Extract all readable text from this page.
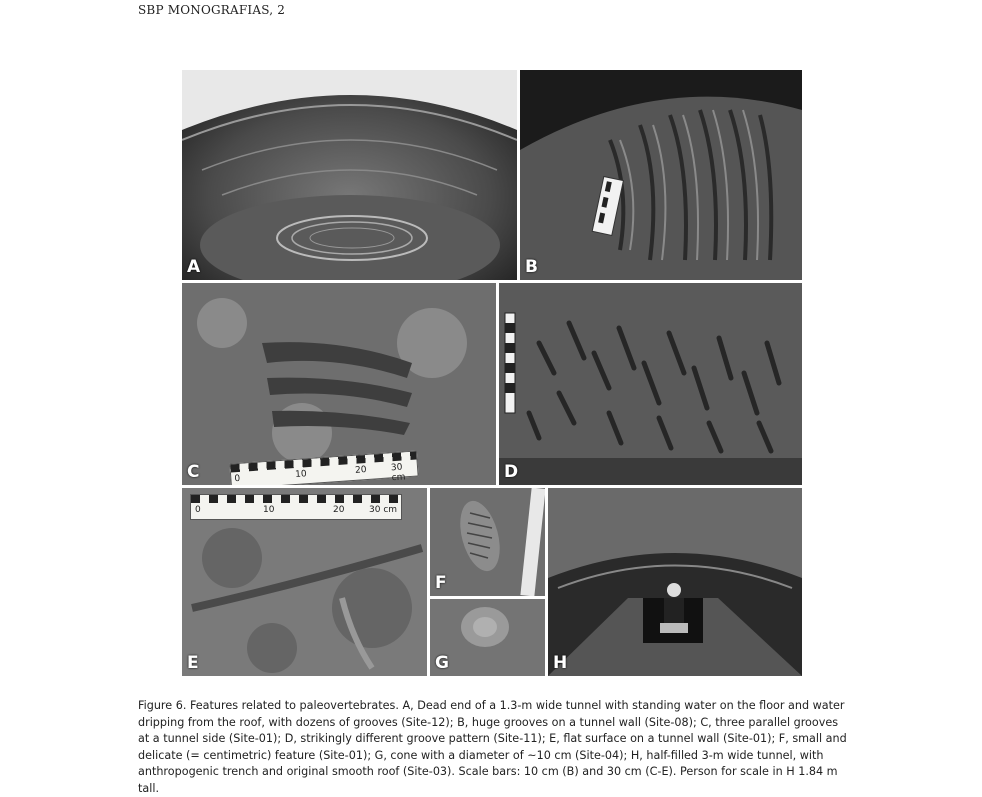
SBP MONOGRAFIAS, 2
A	B
0	10	20	30 cm
C	D
0	10	20	30 cm
E
F
G	H
Figure 6. Features related to paleovertebrates. A, Dead end of a 1.3-m wide tunnel with standing water on the floor and water dripping from the roof, with dozens of grooves (Site-12); B, huge grooves on a tunnel wall (Site-08); C, three parallel grooves at a tunnel side (Site-01); D, strikingly different groove pattern (Site-11); E, flat surface on a tunnel wall (Site-01); F, small and delicate (= centimetric) feature (Site-01); G, cone with a diameter of ~10 cm (Site-04); H, half-filled 3-m wide tunnel, with anthropogenic trench and original smooth roof (Site-03). Scale bars: 10 cm (B) and 30 cm (C-E). Person for scale in H 1.84 m tall.
